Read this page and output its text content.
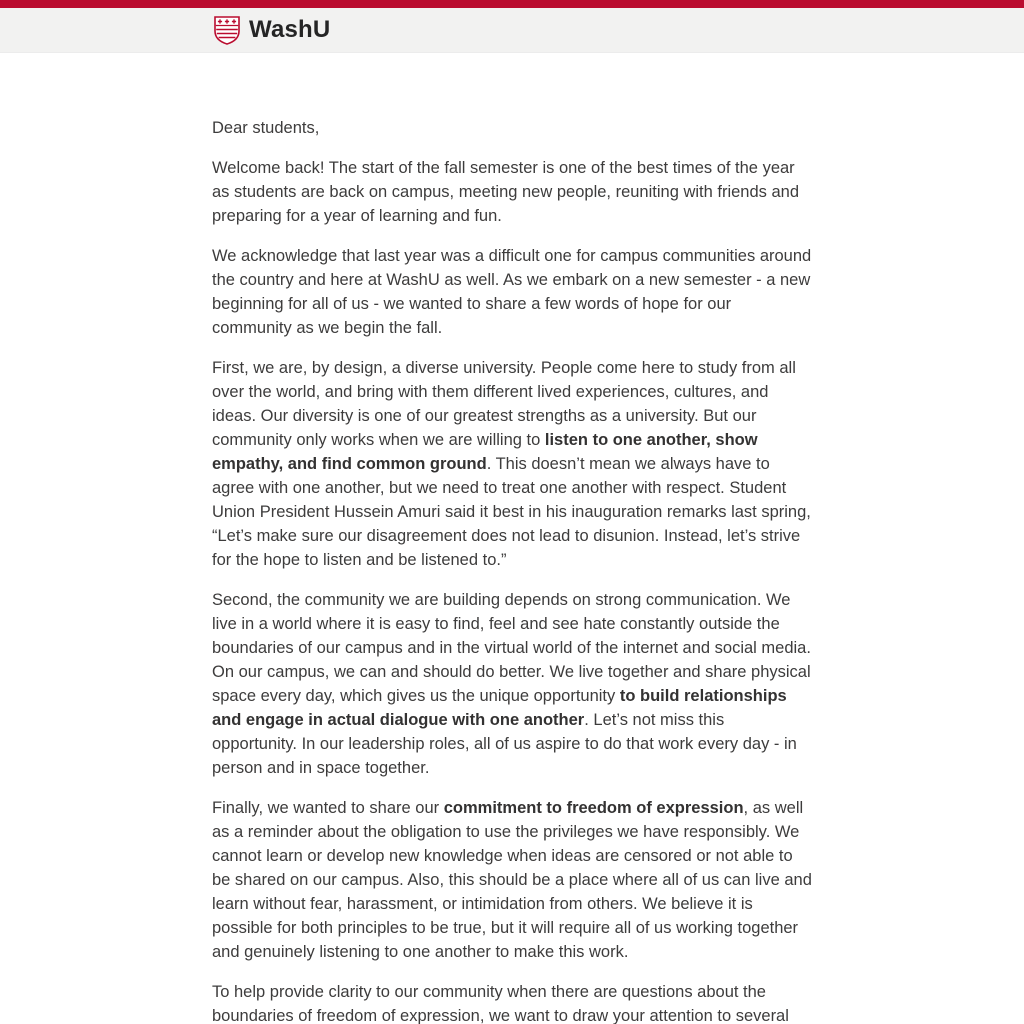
WashU

Dear students,

Welcome back! The start of the fall semester is one of the best times of the year as students are back on campus, meeting new people, reuniting with friends and preparing for a year of learning and fun.

We acknowledge that last year was a difficult one for campus communities around the country and here at WashU as well. As we embark on a new semester - a new beginning for all of us - we wanted to share a few words of hope for our community as we begin the fall.

First, we are, by design, a diverse university. People come here to study from all over the world, and bring with them different lived experiences, cultures, and ideas. Our diversity is one of our greatest strengths as a university. But our community only works when we are willing to listen to one another, show empathy, and find common ground. This doesn’t mean we always have to agree with one another, but we need to treat one another with respect. Student Union President Hussein Amuri said it best in his inauguration remarks last spring, “Let’s make sure our disagreement does not lead to disunion. Instead, let’s strive for the hope to listen and be listened to.”

Second, the community we are building depends on strong communication. We live in a world where it is easy to find, feel and see hate constantly outside the boundaries of our campus and in the virtual world of the internet and social media. On our campus, we can and should do better. We live together and share physical space every day, which gives us the unique opportunity to build relationships and engage in actual dialogue with one another. Let’s not miss this opportunity. In our leadership roles, all of us aspire to do that work every day - in person and in space together.

Finally, we wanted to share our commitment to freedom of expression, as well as a reminder about the obligation to use the privileges we have responsibly. We cannot learn or develop new knowledge when ideas are censored or not able to be shared on our campus. Also, this should be a place where all of us can live and learn without fear, harassment, or intimidation from others. We believe it is possible for both principles to be true, but it will require all of us working together and genuinely listening to one another to make this work.

To help provide clarity to our community when there are questions about the boundaries of freedom of expression, we want to draw your attention to several
